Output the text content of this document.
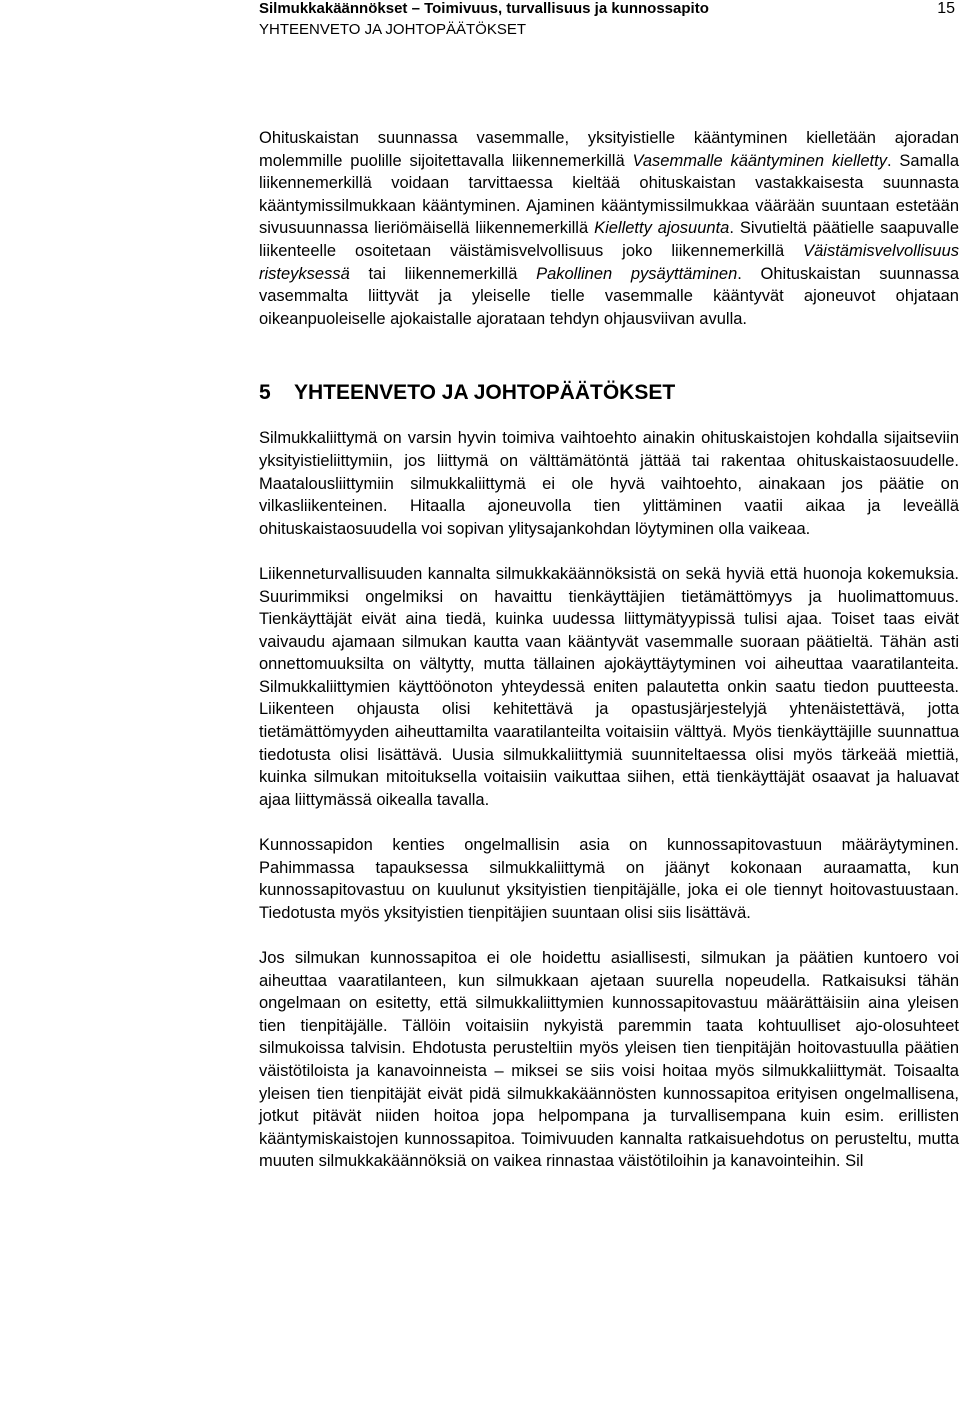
Silmukkakäännökset – Toimivuus, turvallisuus ja kunnossapito
YHTEENVETO JA JOHTOPÄÄTÖKSET
15

Ohituskaistan suunnassa vasemmalle, yksityistielle kääntyminen kielletään ajoradan molemmille puolille sijoitettavalla liikennemerkillä Vasemmalle kääntyminen kielletty. Samalla liikennemerkillä voidaan tarvittaessa kieltää ohituskaistan vastakkaisesta suunnasta kääntymissilmukkaan kääntyminen. Ajaminen kääntymissilmukkaa väärään suuntaan estetään sivusuunnassa lieriömäisellä liikennemerkillä Kielletty ajosuunta. Sivutieltä päätielle saapuvalle liikenteelle osoitetaan väistämisvelvollisuus joko liikennemerkillä Väistämisvelvollisuus risteyksessä tai liikennemerkillä Pakollinen pysäyttäminen. Ohituskaistan suunnassa vasemmalta liittyvät ja yleiselle tielle vasemmalle kääntyvät ajoneuvot ohjataan oikeanpuoleiselle ajokaistalle ajorataan tehdyn ohjausviivan avulla.

5 YHTEENVETO JA JOHTOPÄÄTÖKSET

Silmukkaliittymä on varsin hyvin toimiva vaihtoehto ainakin ohituskaistojen kohdalla sijaitseviin yksityistieliittymiin, jos liittymä on välttämätöntä jättää tai rakentaa ohituskaistaosuudelle. Maatalousliittymiin silmukkaliittymä ei ole hyvä vaihtoehto, ainakaan jos päätie on vilkasliikenteinen. Hitaalla ajoneuvolla tien ylittäminen vaatii aikaa ja leveällä ohituskaistaosuudella voi sopivan ylitysajankohdan löytyminen olla vaikeaa.

Liikenneturvallisuuden kannalta silmukkakäännöksistä on sekä hyviä että huonoja kokemuksia. Suurimmiksi ongelmiksi on havaittu tienkäyttäjien tietämättömyys ja huolimattomuus. Tienkäyttäjät eivät aina tiedä, kuinka uudessa liittymätyypissä tulisi ajaa. Toiset taas eivät vaivaudu ajamaan silmukan kautta vaan kääntyvät vasemmalle suoraan päätieltä. Tähän asti onnettomuuksilta on vältytty, mutta tällainen ajokäyttäytyminen voi aiheuttaa vaaratilanteita. Silmukkaliittymien käyttöönoton yhteydessä eniten palautetta onkin saatu tiedon puutteesta. Liikenteen ohjausta olisi kehitettävä ja opastusjärjestelyjä yhtenäistettävä, jotta tietämättömyyden aiheuttamilta vaaratilanteilta voitaisiin välttyä. Myös tienkäyttäjille suunnattua tiedotusta olisi lisättävä. Uusia silmukkaliittymiä suunniteltaessa olisi myös tärkeää miettiä, kuinka silmukan mitoituksella voitaisiin vaikuttaa siihen, että tienkäyttäjät osaavat ja haluavat ajaa liittymässä oikealla tavalla.

Kunnossapidon kenties ongelmallisin asia on kunnossapitovastuun määräytyminen. Pahimmassa tapauksessa silmukkaliittymä on jäänyt kokonaan auraamatta, kun kunnossapitovastuu on kuulunut yksityistien tienpitäjälle, joka ei ole tiennyt hoitovastuustaan. Tiedotusta myös yksityistien tienpitäjien suuntaan olisi siis lisättävä.

Jos silmukan kunnossapitoa ei ole hoidettu asiallisesti, silmukan ja päätien kuntoero voi aiheuttaa vaaratilanteen, kun silmukkaan ajetaan suurella nopeudella. Ratkaisuksi tähän ongelmaan on esitetty, että silmukkaliittymien kunnossapitovastuu määrättäisiin aina yleisen tien tienpitäjälle. Tällöin voitaisiin nykyistä paremmin taata kohtuulliset ajo-olosuhteet silmukoissa talvisin. Ehdotusta perusteltiin myös yleisen tien tienpitäjän hoitovastuulla päätien väistötiloista ja kanavoinneista – miksei se siis voisi hoitaa myös silmukkaliittymät. Toisaalta yleisen tien tienpitäjät eivät pidä silmukkakäännösten kunnossapitoa erityisen ongelmallisena, jotkut pitävät niiden hoitoa jopa helpompana ja turvallisempana kuin esim. erillisten kääntymiskaistojen kunnossapitoa. Toimivuuden kannalta ratkaisuehdotus on perusteltu, mutta muuten silmukkakäännöksiä on vaikea rinnastaa väistötiloihin ja kanavointeihin. Sil
